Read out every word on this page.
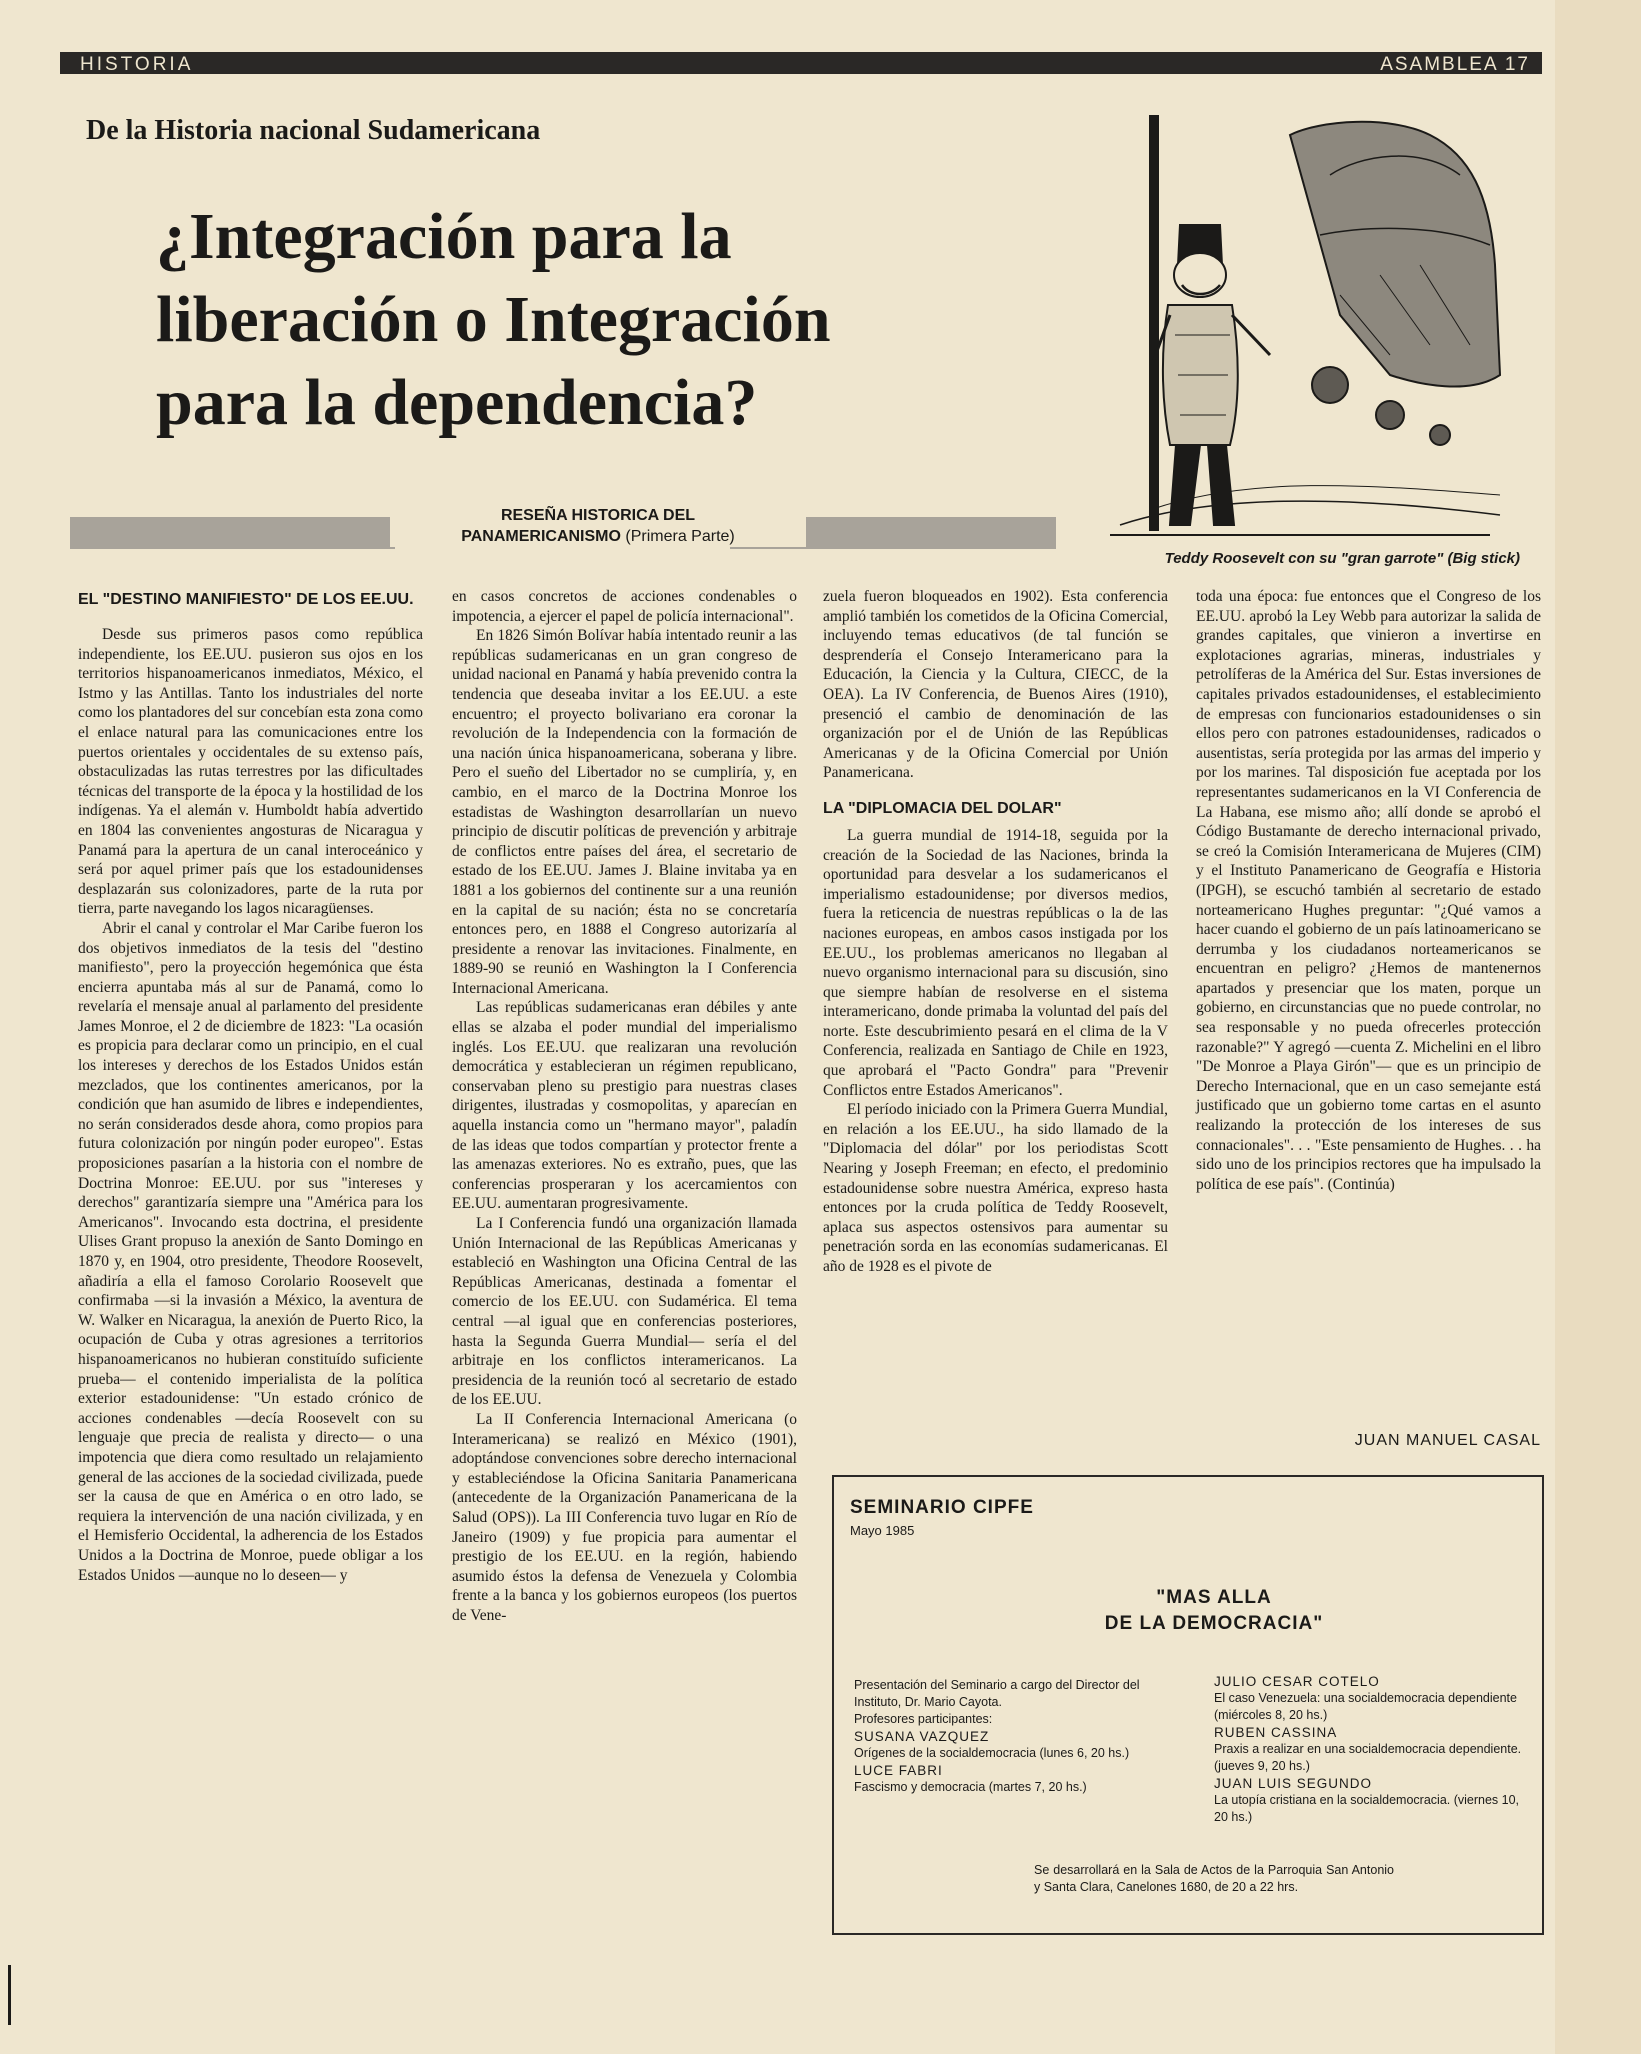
HISTORIA	ASAMBLEA 17
De la Historia nacional Sudamericana
¿Integración para la
liberación o Integración
para la dependencia?
Teddy Roosevelt con su "gran garrote" (Big stick)
RESEÑA HISTORICA DEL
PANAMERICANISMO (Primera Parte)
EL "DESTINO MANIFIESTO" DE LOS EE.UU.

Desde sus primeros pasos como república independiente, los EE.UU. pusieron sus ojos en los territorios hispanoamericanos inmediatos, México, el Istmo y las Antillas. Tanto los industriales del norte como los plantadores del sur concebían esta zona como el enlace natural para las comunicaciones entre los puertos orientales y occidentales de su extenso país, obstaculizadas las rutas terrestres por las dificultades técnicas del transporte de la época y la hostilidad de los indígenas. Ya el alemán v. Humboldt había advertido en 1804 las convenientes angosturas de Nicaragua y Panamá para la apertura de un canal interoceánico y será por aquel primer país que los estadounidenses desplazarán sus colonizadores, parte de la ruta por tierra, parte navegando los lagos nicaragüenses.

Abrir el canal y controlar el Mar Caribe fueron los dos objetivos inmediatos de la tesis del "destino manifiesto", pero la proyección hegemónica que ésta encierra apuntaba más al sur de Panamá, como lo revelaría el mensaje anual al parlamento del presidente James Monroe, el 2 de diciembre de 1823: "La ocasión es propicia para declarar como un principio, en el cual los intereses y derechos de los Estados Unidos están mezclados, que los continentes americanos, por la condición que han asumido de libres e independientes, no serán considerados desde ahora, como propios para futura colonización por ningún poder europeo". Estas proposiciones pasarían a la historia con el nombre de Doctrina Monroe: EE.UU. por sus "intereses y derechos" garantizaría siempre una "América para los Americanos". Invocando esta doctrina, el presidente Ulises Grant propuso la anexión de Santo Domingo en 1870 y, en 1904, otro presidente, Theodore Roosevelt, añadiría a ella el famoso Corolario Roosevelt que confirmaba —si la invasión a México, la aventura de W. Walker en Nicaragua, la anexión de Puerto Rico, la ocupación de Cuba y otras agresiones a territorios hispanoamericanos no hubieran constituído suficiente prueba— el contenido imperialista de la política exterior estadounidense: "Un estado crónico de acciones condenables —decía Roosevelt con su lenguaje que precia de realista y directo— o una impotencia que diera como resultado un relajamiento general de las acciones de la sociedad civilizada, puede ser la causa de que en América o en otro lado, se requiera la intervención de una nación civilizada, y en el Hemisferio Occidental, la adherencia de los Estados Unidos a la Doctrina de Monroe, puede obligar a los Estados Unidos —aunque no lo deseen— y

en casos concretos de acciones condenables o impotencia, a ejercer el papel de policía internacional".

En 1826 Simón Bolívar había intentado reunir a las repúblicas sudamericanas en un gran congreso de unidad nacional en Panamá y había prevenido contra la tendencia que deseaba invitar a los EE.UU. a este encuentro; el proyecto bolivariano era coronar la revolución de la Independencia con la formación de una nación única hispanoamericana, soberana y libre. Pero el sueño del Libertador no se cumpliría, y, en cambio, en el marco de la Doctrina Monroe los estadistas de Washington desarrollarían un nuevo principio de discutir políticas de prevención y arbitraje de conflictos entre países del área, el secretario de estado de los EE.UU. James J. Blaine invitaba ya en 1881 a los gobiernos del continente sur a una reunión en la capital de su nación; ésta no se concretaría entonces pero, en 1888 el Congreso autorizaría al presidente a renovar las invitaciones. Finalmente, en 1889-90 se reunió en Washington la I Conferencia Internacional Americana.

Las repúblicas sudamericanas eran débiles y ante ellas se alzaba el poder mundial del imperialismo inglés. Los EE.UU. que realizaran una revolución democrática y establecieran un régimen republicano, conservaban pleno su prestigio para nuestras clases dirigentes, ilustradas y cosmopolitas, y aparecían en aquella instancia como un "hermano mayor", paladín de las ideas que todos compartían y protector frente a las amenazas exteriores. No es extraño, pues, que las conferencias prosperaran y los acercamientos con EE.UU. aumentaran progresivamente.

La I Conferencia fundó una organización llamada Unión Internacional de las Repúblicas Americanas y estableció en Washington una Oficina Central de las Repúblicas Americanas, destinada a fomentar el comercio de los EE.UU. con Sudamérica. El tema central —al igual que en conferencias posteriores, hasta la Segunda Guerra Mundial— sería el del arbitraje en los conflictos interamericanos. La presidencia de la reunión tocó al secretario de estado de los EE.UU.

La II Conferencia Internacional Americana (o Interamericana) se realizó en México (1901), adoptándose convenciones sobre derecho internacional y estableciéndose la Oficina Sanitaria Panamericana (antecedente de la Organización Panamericana de la Salud (OPS)). La III Conferencia tuvo lugar en Río de Janeiro (1909) y fue propicia para aumentar el prestigio de los EE.UU. en la región, habiendo asumido éstos la defensa de Venezuela y Colombia frente a la banca y los gobiernos europeos (los puertos de Vene-

zuela fueron bloqueados en 1902). Esta conferencia amplió también los cometidos de la Oficina Comercial, incluyendo temas educativos (de tal función se desprendería el Consejo Interamericano para la Educación, la Ciencia y la Cultura, CIECC, de la OEA). La IV Conferencia, de Buenos Aires (1910), presenció el cambio de denominación de las organización por el de Unión de las Repúblicas Americanas y de la Oficina Comercial por Unión Panamericana.

LA "DIPLOMACIA DEL DOLAR"

La guerra mundial de 1914-18, seguida por la creación de la Sociedad de las Naciones, brinda la oportunidad para desvelar a los sudamericanos el imperialismo estadounidense; por diversos medios, fuera la reticencia de nuestras repúblicas o la de las naciones europeas, en ambos casos instigada por los EE.UU., los problemas americanos no llegaban al nuevo organismo internacional para su discusión, sino que siempre habían de resolverse en el sistema interamericano, donde primaba la voluntad del país del norte. Este descubrimiento pesará en el clima de la V Conferencia, realizada en Santiago de Chile en 1923, que aprobará el "Pacto Gondra" para "Prevenir Conflictos entre Estados Americanos".

El período iniciado con la Primera Guerra Mundial, en relación a los EE.UU., ha sido llamado de la "Diplomacia del dólar" por los periodistas Scott Nearing y Joseph Freeman; en efecto, el predominio estadounidense sobre nuestra América, expreso hasta entonces por la cruda política de Teddy Roosevelt, aplaca sus aspectos ostensivos para aumentar su penetración sorda en las economías sudamericanas. El año de 1928 es el pivote de

toda una época: fue entonces que el Congreso de los EE.UU. aprobó la Ley Webb para autorizar la salida de grandes capitales, que vinieron a invertirse en explotaciones agrarias, mineras, industriales y petrolíferas de la América del Sur. Estas inversiones de capitales privados estadounidenses, el establecimiento de empresas con funcionarios estadounidenses o sin ellos pero con patrones estadounidenses, radicados o ausentistas, sería protegida por las armas del imperio y por los marines. Tal disposición fue aceptada por los representantes sudamericanos en la VI Conferencia de La Habana, ese mismo año; allí donde se aprobó el Código Bustamante de derecho internacional privado, se creó la Comisión Interamericana de Mujeres (CIM) y el Instituto Panamericano de Geografía e Historia (IPGH), se escuchó también al secretario de estado norteamericano Hughes preguntar: "¿Qué vamos a hacer cuando el gobierno de un país latinoamericano se derrumba y los ciudadanos norteamericanos se encuentran en peligro? ¿Hemos de mantenernos apartados y presenciar que los maten, porque un gobierno, en circunstancias que no puede controlar, no sea responsable y no pueda ofrecerles protección razonable?" Y agregó —cuenta Z. Michelini en el libro "De Monroe a Playa Girón"— que es un principio de Derecho Internacional, que en un caso semejante está justificado que un gobierno tome cartas en el asunto realizando la protección de los intereses de sus connacionales". . . "Este pensamiento de Hughes. . . ha sido uno de los principios rectores que ha impulsado la política de ese país". (Continúa)

JUAN MANUEL CASAL
SEMINARIO CIPFE
Mayo 1985
"MAS ALLA
DE LA DEMOCRACIA"

Presentación del Seminario a cargo del Director del Instituto, Dr. Mario Cayota.

Profesores participantes:

SUSANA VAZQUEZ

Orígenes de la socialdemocracia (lunes 6, 20 hs.)

LUCE FABRI

Fascismo y democracia (martes 7, 20 hs.)

JULIO CESAR COTELO

El caso Venezuela: una socialdemocracia dependiente (miércoles 8, 20 hs.)

RUBEN CASSINA

Praxis a realizar en una socialdemocracia dependiente. (jueves 9, 20 hs.)

JUAN LUIS SEGUNDO

La utopía cristiana en la socialdemocracia. (viernes 10, 20 hs.)

Se desarrollará en la Sala de Actos de la Parroquia San Antonio y Santa Clara, Canelones 1680, de 20 a 22 hrs.
